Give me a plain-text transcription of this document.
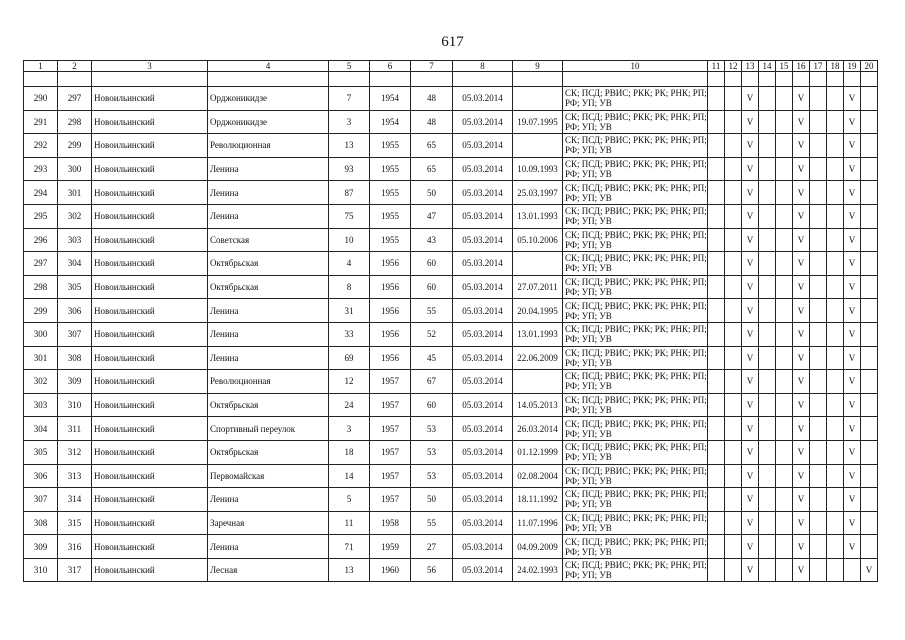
617
1	2	3	4	5	6	7	8	9	10	11	12	13	14	15	16	17	18	19	20

290	297	Новоильинский	Орджоникидзе	7	1954	48	05.03.2014		СК; ПСД; РВИС; РКК; РК; РНК; РП; РФ; УП; УВ			V			V			V	
291	298	Новоильинский	Орджоникидзе	3	1954	48	05.03.2014	19.07.1995	СК; ПСД; РВИС; РКК; РК; РНК; РП; РФ; УП; УВ			V			V			V	
292	299	Новоильинский	Революционная	13	1955	65	05.03.2014		СК; ПСД; РВИС; РКК; РК; РНК; РП; РФ; УП; УВ			V			V			V	
293	300	Новоильинский	Ленина	93	1955	65	05.03.2014	10.09.1993	СК; ПСД; РВИС; РКК; РК; РНК; РП; РФ; УП; УВ			V			V			V	
294	301	Новоильинский	Ленина	87	1955	50	05.03.2014	25.03.1997	СК; ПСД; РВИС; РКК; РК; РНК; РП; РФ; УП; УВ			V			V			V	
295	302	Новоильинский	Ленина	75	1955	47	05.03.2014	13.01.1993	СК; ПСД; РВИС; РКК; РК; РНК; РП; РФ; УП; УВ			V			V			V	
296	303	Новоильинский	Советская	10	1955	43	05.03.2014	05.10.2006	СК; ПСД; РВИС; РКК; РК; РНК; РП; РФ; УП; УВ			V			V			V	
297	304	Новоильинский	Октябрьская	4	1956	60	05.03.2014		СК; ПСД; РВИС; РКК; РК; РНК; РП; РФ; УП; УВ			V			V			V	
298	305	Новоильинский	Октябрьская	8	1956	60	05.03.2014	27.07.2011	СК; ПСД; РВИС; РКК; РК; РНК; РП; РФ; УП; УВ			V			V			V	
299	306	Новоильинский	Ленина	31	1956	55	05.03.2014	20.04.1995	СК; ПСД; РВИС; РКК; РК; РНК; РП; РФ; УП; УВ			V			V			V	
300	307	Новоильинский	Ленина	33	1956	52	05.03.2014	13.01.1993	СК; ПСД; РВИС; РКК; РК; РНК; РП; РФ; УП; УВ			V			V			V	
301	308	Новоильинский	Ленина	69	1956	45	05.03.2014	22.06.2009	СК; ПСД; РВИС; РКК; РК; РНК; РП; РФ; УП; УВ			V			V			V	
302	309	Новоильинский	Революционная	12	1957	67	05.03.2014		СК; ПСД; РВИС; РКК; РК; РНК; РП; РФ; УП; УВ			V			V			V	
303	310	Новоильинский	Октябрьская	24	1957	60	05.03.2014	14.05.2013	СК; ПСД; РВИС; РКК; РК; РНК; РП; РФ; УП; УВ			V			V			V	
304	311	Новоильинский	Спортивный переулок	3	1957	53	05.03.2014	26.03.2014	СК; ПСД; РВИС; РКК; РК; РНК; РП; РФ; УП; УВ			V			V			V	
305	312	Новоильинский	Октябрьская	18	1957	53	05.03.2014	01.12.1999	СК; ПСД; РВИС; РКК; РК; РНК; РП; РФ; УП; УВ			V			V			V	
306	313	Новоильинский	Первомайская	14	1957	53	05.03.2014	02.08.2004	СК; ПСД; РВИС; РКК; РК; РНК; РП; РФ; УП; УВ			V			V			V	
307	314	Новоильинский	Ленина	5	1957	50	05.03.2014	18.11.1992	СК; ПСД; РВИС; РКК; РК; РНК; РП; РФ; УП; УВ			V			V			V	
308	315	Новоильинский	Заречная	11	1958	55	05.03.2014	11.07.1996	СК; ПСД; РВИС; РКК; РК; РНК; РП; РФ; УП; УВ			V			V			V	
309	316	Новоильинский	Ленина	71	1959	27	05.03.2014	04.09.2009	СК; ПСД; РВИС; РКК; РК; РНК; РП; РФ; УП; УВ			V			V			V	
310	317	Новоильинский	Лесная	13	1960	56	05.03.2014	24.02.1993	СК; ПСД; РВИС; РКК; РК; РНК; РП; РФ; УП; УВ			V			V				V
